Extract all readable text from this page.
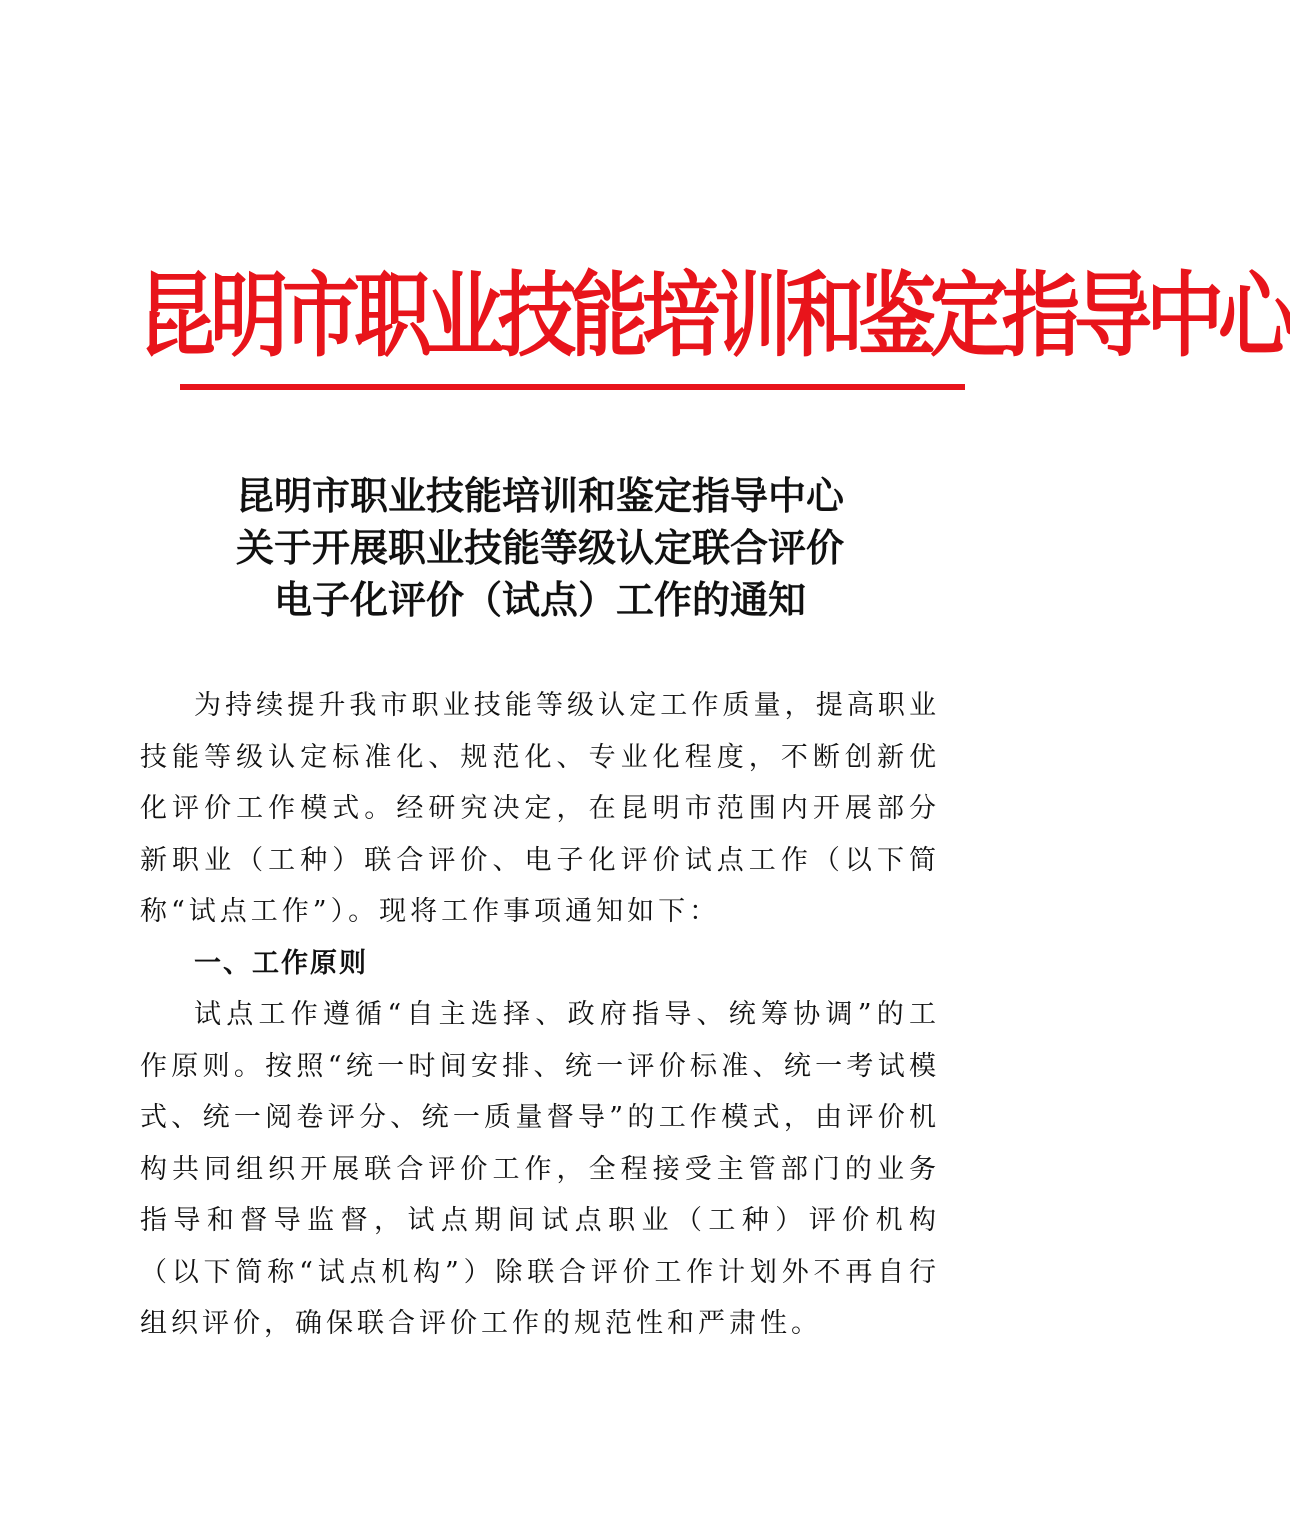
昆明市职业技能培训和鉴定指导中心
昆明市职业技能培训和鉴定指导中心
关于开展职业技能等级认定联合评价
电子化评价（试点）工作的通知

为持续提升我市职业技能等级认定工作质量，提高职业技能等级认定标准化、规范化、专业化程度，不断创新优化评价工作模式。经研究决定，在昆明市范围内开展部分新职业（工种）联合评价、电子化评价试点工作（以下简称“试点工作”）。现将工作事项通知如下：

一、工作原则

试点工作遵循“自主选择、政府指导、统筹协调”的工作原则。按照“统一时间安排、统一评价标准、统一考试模式、统一阅卷评分、统一质量督导”的工作模式，由评价机构共同组织开展联合评价工作，全程接受主管部门的业务指导和督导监督，试点期间试点职业（工种）评价机构（以下简称“试点机构”）除联合评价工作计划外不再自行组织评价，确保联合评价工作的规范性和严肃性。
